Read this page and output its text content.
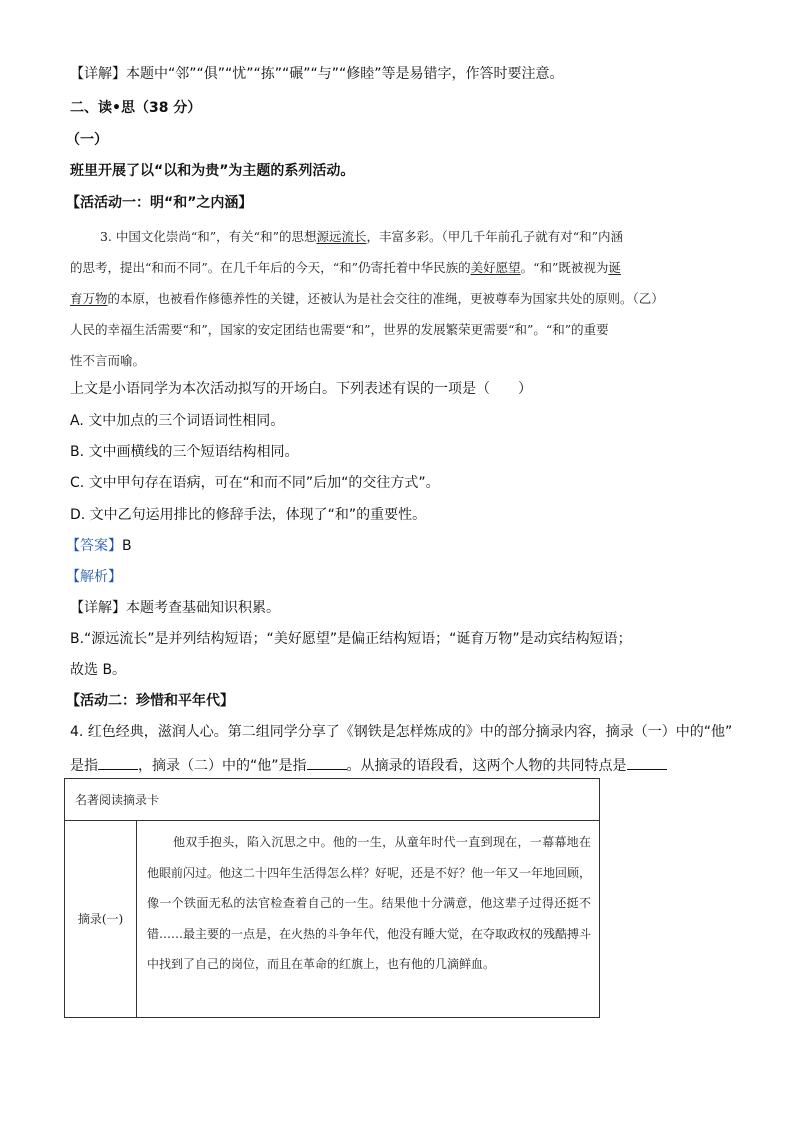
【详解】本题中“邻”“俱”“忧”“拣”“碾”“与”“修睦”等是易错字，作答时要注意。
二、读•思（38 分）
（一）
班里开展了以“以和为贵”为主题的系列活动。
【活活动一：明“和”之内涵】
3. 中国文化崇尚“和”，有关“和”的思想源远流长，丰富多彩。（甲几千年前孔子就有对“和”内涵
的思考，提出“和而不同”。在几千年后的今天，“和”仍寄托着中华民族的美好愿望。“和”既被视为诞
育万物的本原，也被看作修德养性的关键，还被认为是社会交往的准绳，更被尊奉为国家共处的原则。（乙）
人民的幸福生活需要“和”，国家的安定团结也需要“和”，世界的发展繁荣更需要“和”。“和”的重要
性不言而喻。
上文是小语同学为本次活动拟写的开场白。下列表述有误的一项是（　　）
A. 文中加点的三个词语词性相同。
B. 文中画横线的三个短语结构相同。
C. 文中甲句存在语病，可在“和而不同”后加“的交往方式”。
D. 文中乙句运用排比的修辞手法，体现了“和”的重要性。
【答案】B
【解析】
【详解】本题考查基础知识积累。
B.“源远流长”是并列结构短语；“美好愿望”是偏正结构短语；“诞育万物”是动宾结构短语；
故选 B。
【活动二：珍惜和平年代】
4. 红色经典，滋润人心。第二组同学分享了《钢铁是怎样炼成的》中的部分摘录内容，摘录（一）中的“他”
是指	，摘录（二）中的“他”是指	。从摘录的语段看，这两个人物的共同特点是
名著阅读摘录卡
摘录(一)
他双手抱头，陷入沉思之中。他的一生，从童年时代一直到现在，一幕幕地在他眼前闪过。他这二十四年生活得怎么样？好呢，还是不好？他一年又一年地回顾，像一个铁面无私的法官检查着自己的一生。结果他十分满意，他这辈子过得还挺不错……最主要的一点是，在火热的斗争年代，他没有睡大觉，在夺取政权的残酷搏斗中找到了自己的岗位，而且在革命的红旗上，也有他的几滴鲜血。
